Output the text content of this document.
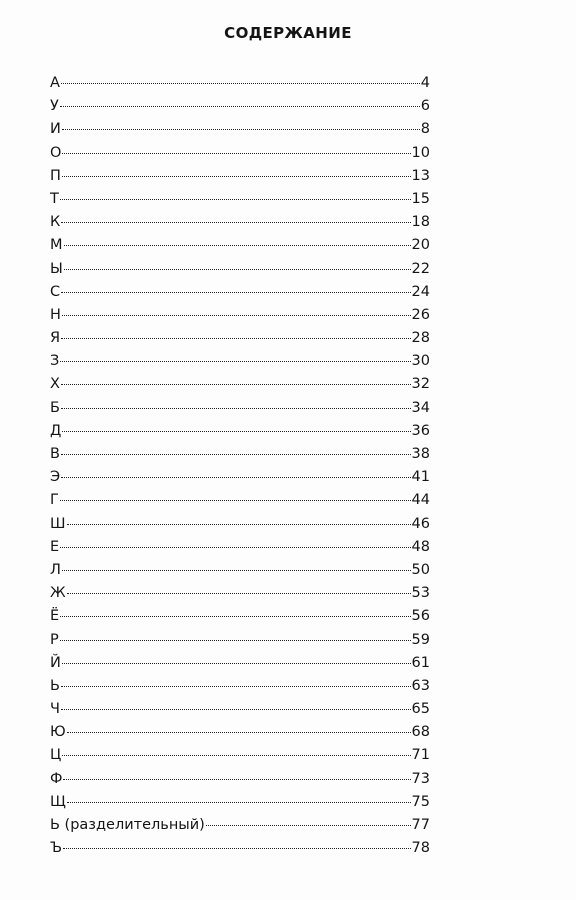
СОДЕРЖАНИЕ
А	4
У	6
И	8
О	10
П	13
Т	15
К	18
М	20
Ы	22
С	24
Н	26
Я	28
З	30
Х	32
Б	34
Д	36
В	38
Э	41
Г	44
Ш	46
Е	48
Л	50
Ж	53
Ё	56
Р	59
Й	61
Ь	63
Ч	65
Ю	68
Ц	71
Ф	73
Щ	75
Ь (разделительный)	77
Ъ	78
